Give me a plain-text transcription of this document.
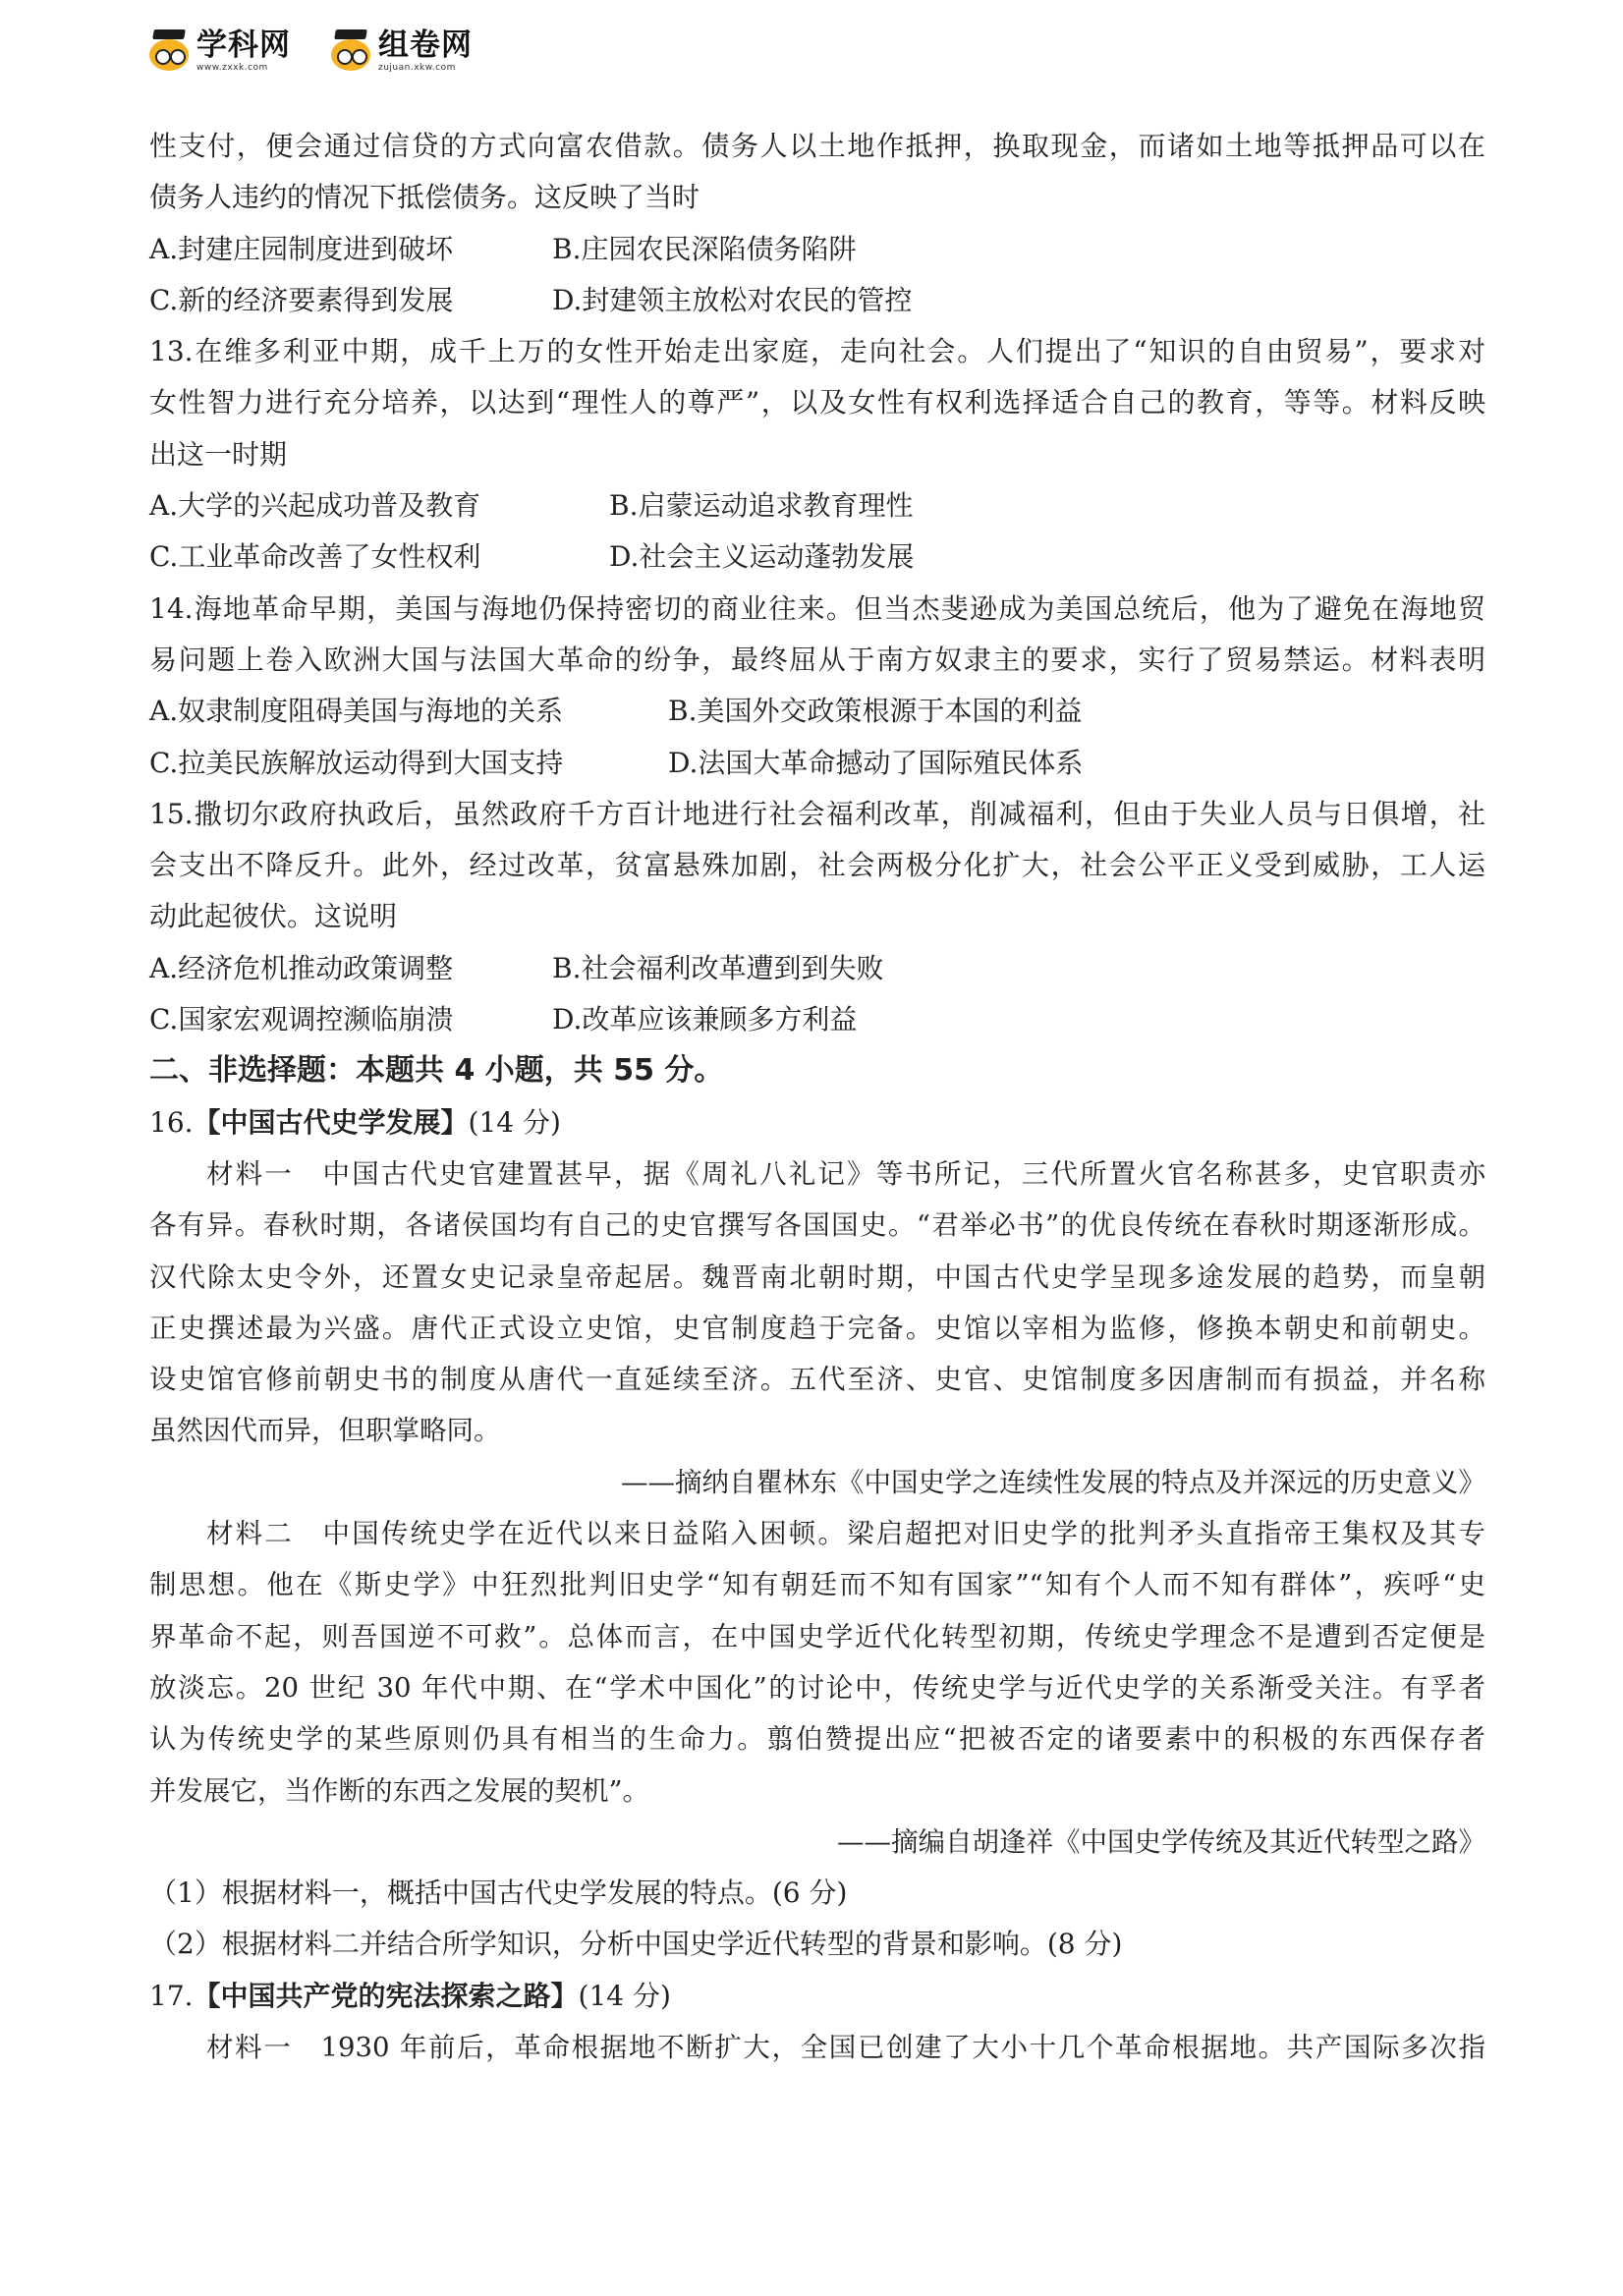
学科网
www.zxxk.com
组卷网
zujuan.xkw.com
性支付，便会通过信贷的方式向富农借款。债务人以土地作抵押，换取现金，而诸如土地等抵押品可以在
债务人违约的情况下抵偿债务。这反映了当时
A.封建庄园制度进到破坏	B.庄园农民深陷债务陷阱
C.新的经济要素得到发展	D.封建领主放松对农民的管控
13.在维多利亚中期，成千上万的女性开始走出家庭，走向社会。人们提出了“知识的自由贸易”，要求对
女性智力进行充分培养，以达到“理性人的尊严”，以及女性有权利选择适合自己的教育，等等。材料反映
出这一时期
A.大学的兴起成功普及教育	B.启蒙运动追求教育理性
C.工业革命改善了女性权利	D.社会主义运动蓬勃发展
14.海地革命早期，美国与海地仍保持密切的商业往来。但当杰斐逊成为美国总统后，他为了避免在海地贸
易问题上卷入欧洲大国与法国大革命的纷争，最终屈从于南方奴隶主的要求，实行了贸易禁运。材料表明
A.奴隶制度阻碍美国与海地的关系	B.美国外交政策根源于本国的利益
C.拉美民族解放运动得到大国支持	D.法国大革命撼动了国际殖民体系
15.撒切尔政府执政后，虽然政府千方百计地进行社会福利改革，削减福利，但由于失业人员与日俱增，社
会支出不降反升。此外，经过改革，贫富悬殊加剧，社会两极分化扩大，社会公平正义受到威胁，工人运
动此起彼伏。这说明
A.经济危机推动政策调整	B.社会福利改革遭到到失败
C.国家宏观调控濒临崩溃	D.改革应该兼顾多方利益
二、非选择题：本题共 4 小题，共 55 分。
16.【中国古代史学发展】(14 分)
材料一　中国古代史官建置甚早，据《周礼八礼记》等书所记，三代所置火官名称甚多，史官职责亦
各有异。春秋时期，各诸侯国均有自己的史官撰写各国国史。“君举必书”的优良传统在春秋时期逐渐形成。
汉代除太史令外，还置女史记录皇帝起居。魏晋南北朝时期，中国古代史学呈现多途发展的趋势，而皇朝
正史撰述最为兴盛。唐代正式设立史馆，史官制度趋于完备。史馆以宰相为监修，修换本朝史和前朝史。
设史馆官修前朝史书的制度从唐代一直延续至济。五代至济、史官、史馆制度多因唐制而有损益，并名称
虽然因代而异，但职掌略同。
——摘纳自瞿林东《中国史学之连续性发展的特点及并深远的历史意义》
材料二　中国传统史学在近代以来日益陷入困顿。梁启超把对旧史学的批判矛头直指帝王集权及其专
制思想。他在《斯史学》中狂烈批判旧史学“知有朝廷而不知有国家”“知有个人而不知有群体”，疾呼“史
界革命不起，则吾国逆不可救”。总体而言，在中国史学近代化转型初期，传统史学理念不是遭到否定便是
放淡忘。20 世纪 30 年代中期、在“学术中国化”的讨论中，传统史学与近代史学的关系渐受关注。有孚者
认为传统史学的某些原则仍具有相当的生命力。翦伯赞提出应“把被否定的诸要素中的积极的东西保存者
并发展它，当作断的东西之发展的契机”。
——摘编自胡逢祥《中国史学传统及其近代转型之路》
（1）根据材料一，概括中国古代史学发展的特点。(6 分)
（2）根据材料二并结合所学知识，分析中国史学近代转型的背景和影响。(8 分)
17.【中国共产党的宪法探索之路】(14 分)
材料一　1930 年前后，革命根据地不断扩大，全国已创建了大小十几个革命根据地。共产国际多次指
